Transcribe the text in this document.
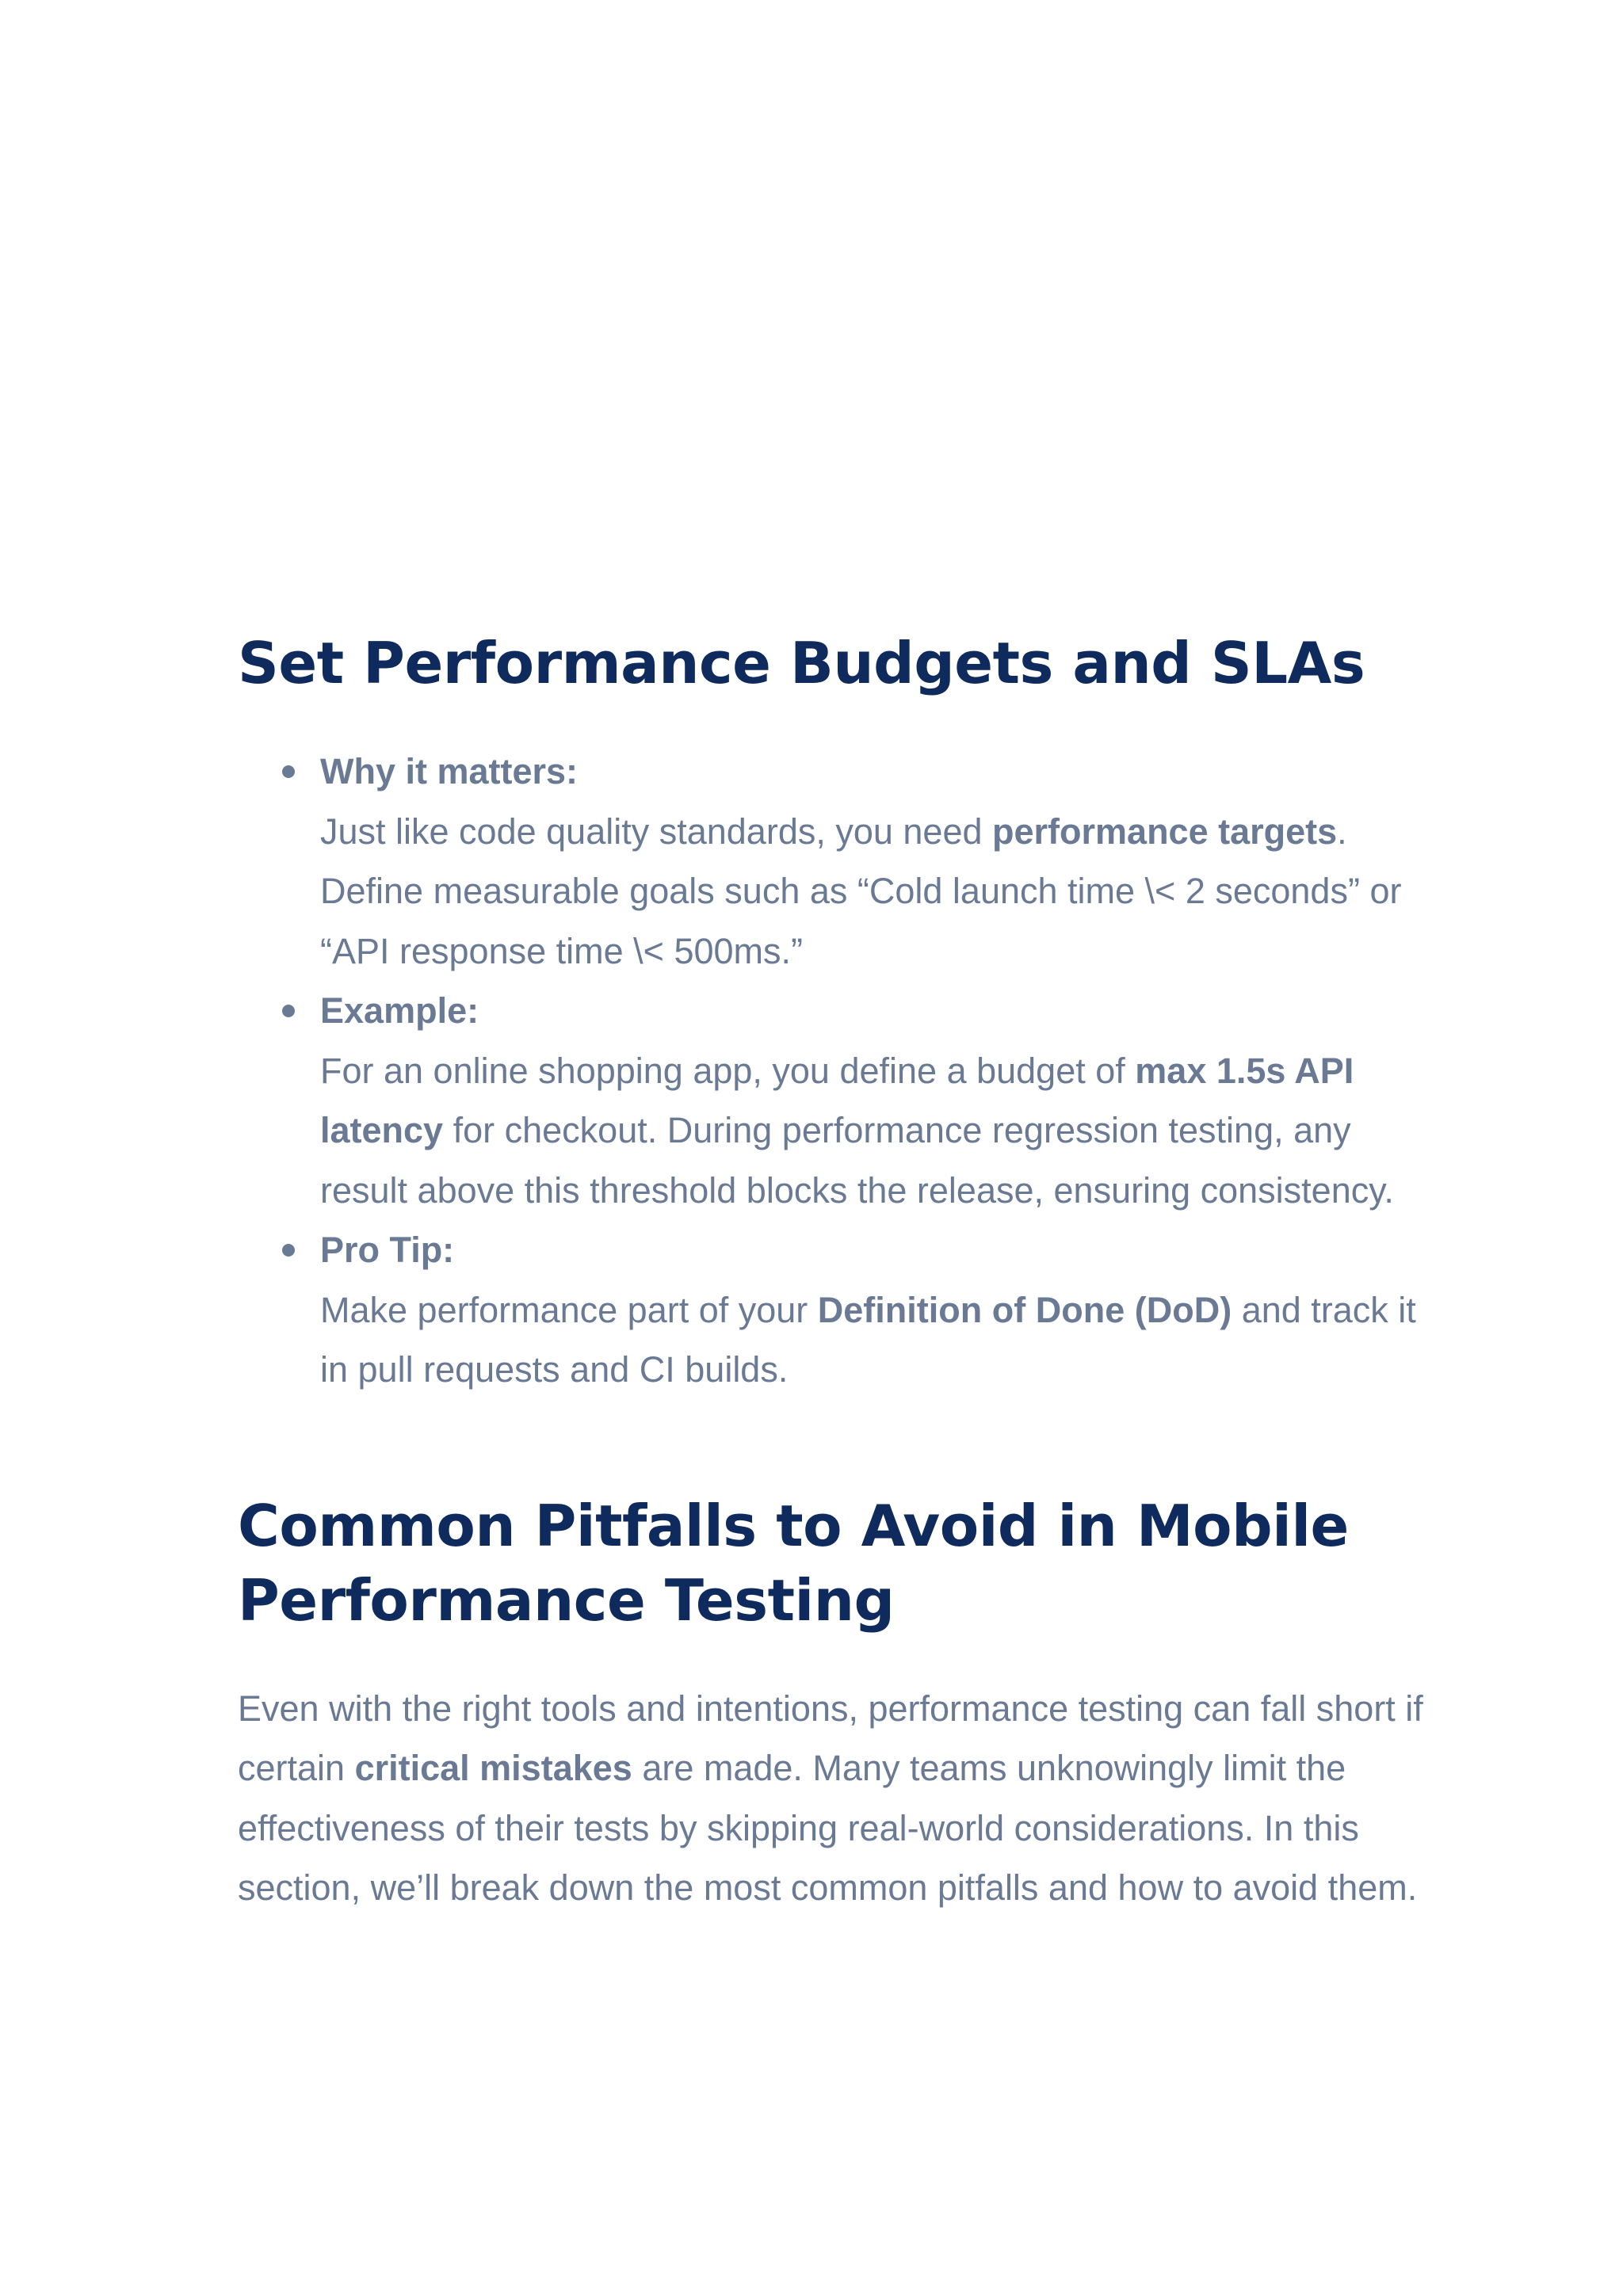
Set Performance Budgets and SLAs
Why it matters:
Just like code quality standards, you need performance targets. Define measurable goals such as “Cold launch time \< 2 seconds” or “API response time \< 500ms.”
Example:
For an online shopping app, you define a budget of max 1.5s API latency for checkout. During performance regression testing, any result above this threshold blocks the release, ensuring consistency.
Pro Tip:
Make performance part of your Definition of Done (DoD) and track it in pull requests and CI builds.
Common Pitfalls to Avoid in Mobile Performance Testing

Even with the right tools and intentions, performance testing can fall short if certain critical mistakes are made. Many teams unknowingly limit the effectiveness of their tests by skipping real-world considerations. In this section, we’ll break down the most common pitfalls and how to avoid them.
